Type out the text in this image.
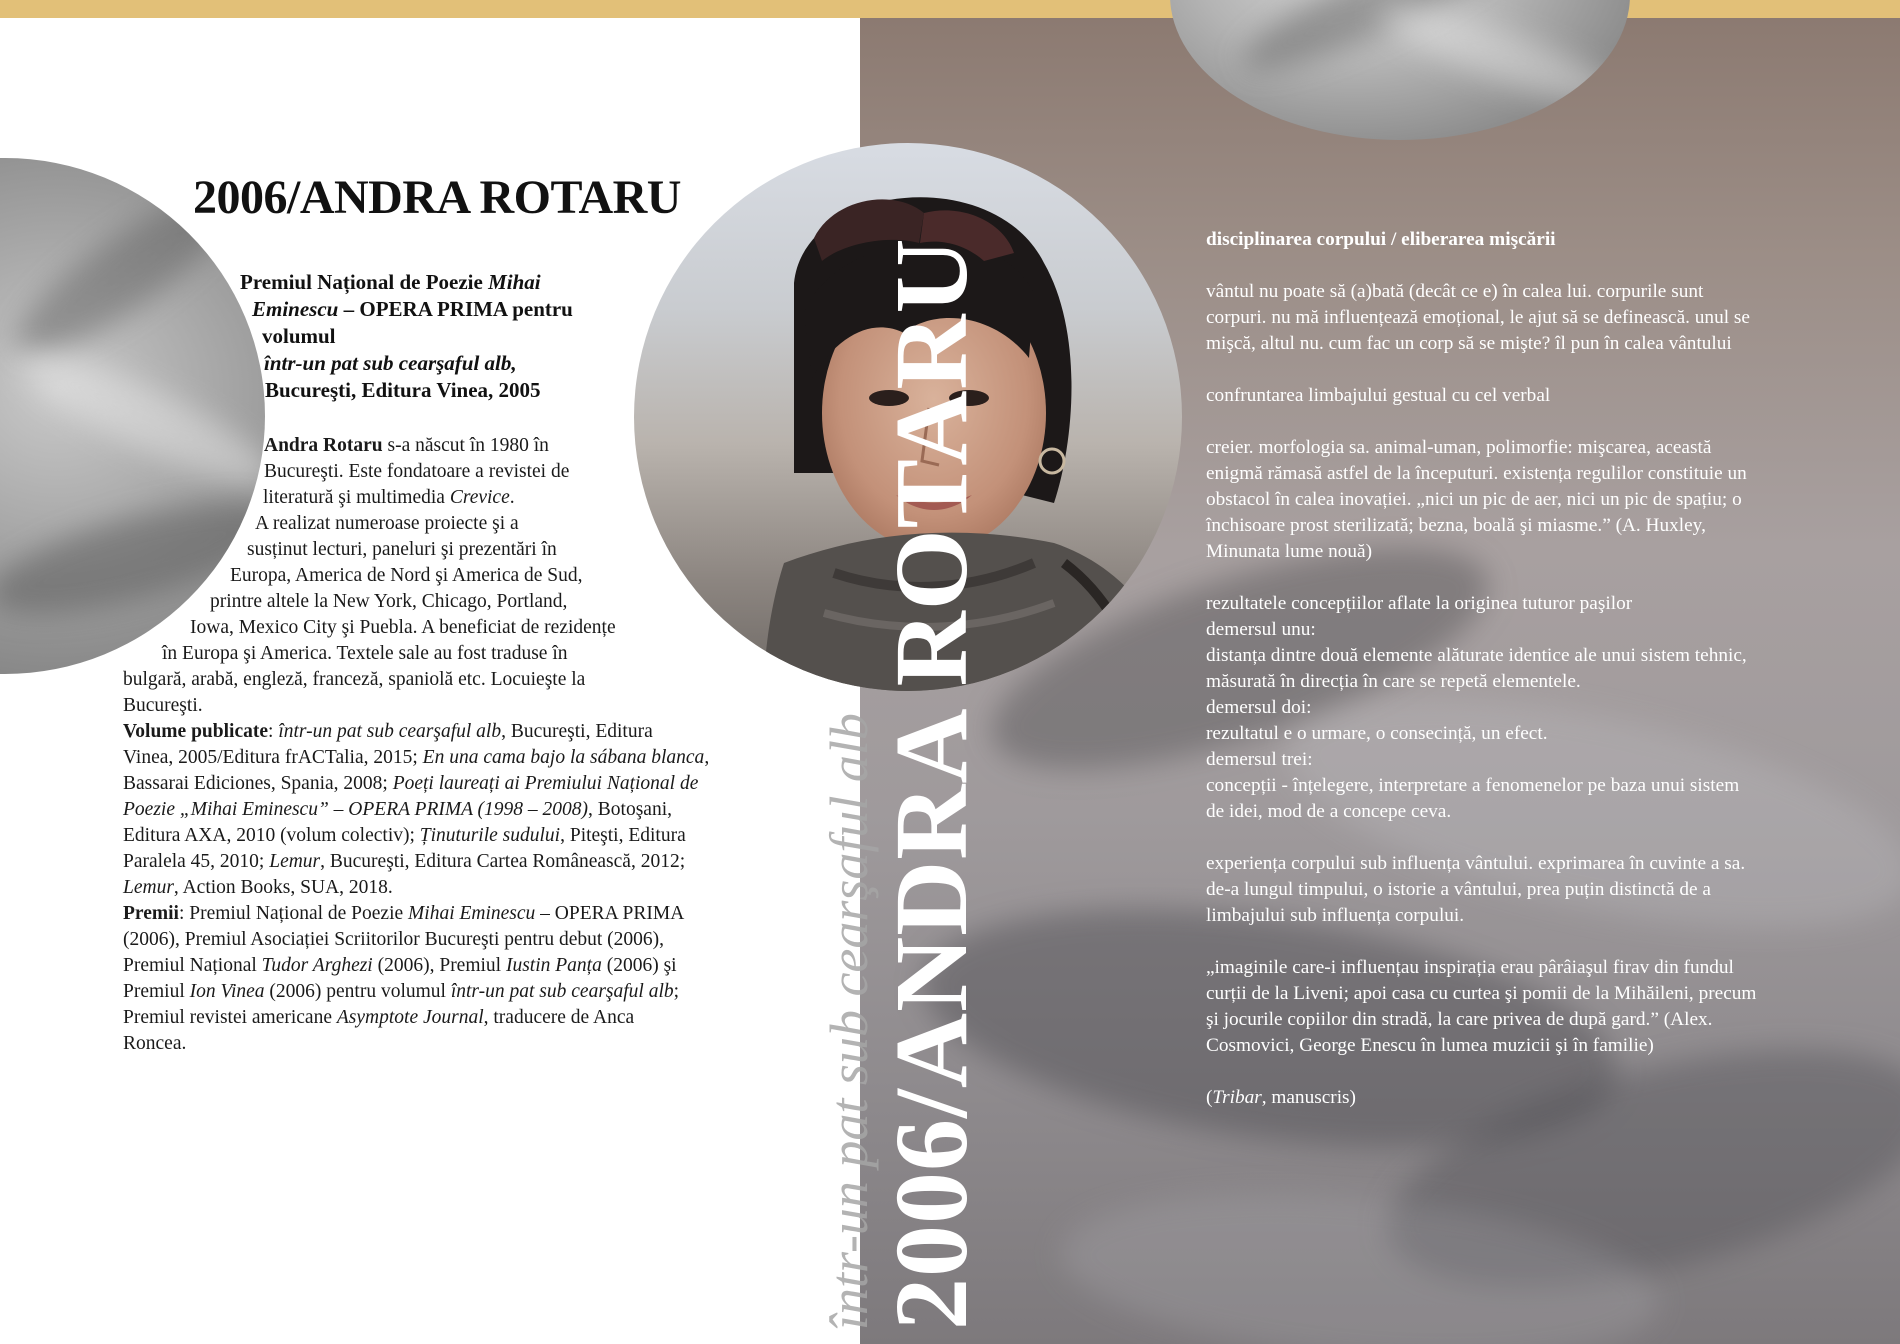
2006/ANDRA ROTARU
Premiul Național de Poezie Mihai
Eminescu – OPERA PRIMA pentru
volumul
într-un pat sub cearşaful alb,
Bucureşti, Editura Vinea, 2005
Andra Rotaru s-a născut în 1980 în
Bucureşti. Este fondatoare a revistei de
literatură şi multimedia Crevice.
A realizat numeroase proiecte şi a
susținut lecturi, paneluri şi prezentări în
Europa, America de Nord şi America de Sud,
printre altele la New York, Chicago, Portland,
Iowa, Mexico City şi Puebla. A beneficiat de rezidențe
în Europa şi America. Textele sale au fost traduse în
bulgară, arabă, engleză, franceză, spaniolă etc. Locuieşte la
Bucureşti.
Volume publicate: într-un pat sub cearşaful alb, Bucureşti, Editura
Vinea, 2005/Editura frACTalia, 2015; En una cama bajo la sábana blanca,
Bassarai Ediciones, Spania, 2008; Poeți laureați ai Premiului Național de
Poezie „Mihai Eminescu” – OPERA PRIMA (1998 – 2008), Botoşani,
Editura AXA, 2010 (volum colectiv); Ținuturile sudului, Piteşti, Editura
Paralela 45, 2010; Lemur, Bucureşti, Editura Cartea Românească, 2012;
Lemur, Action Books, SUA, 2018.
Premii: Premiul Național de Poezie Mihai Eminescu – OPERA PRIMA
(2006), Premiul Asociației Scriitorilor Bucureşti pentru debut (2006),
Premiul Național Tudor Arghezi (2006), Premiul Iustin Panța (2006) şi
Premiul Ion Vinea (2006) pentru volumul într-un pat sub cearşaful alb;
Premiul revistei americane Asymptote Journal, traducere de Anca
Roncea.	într-un pat sub cearşaful alb
2006/ANDRA ROTARU	disciplinarea corpului / eliberarea mişcării
vântul nu poate să (a)bată (decât ce e) în calea lui. corpurile sunt
corpuri. nu mă influențează emoțional, le ajut să se definească. unul se
mişcă, altul nu. cum fac un corp să se mişte? îl pun în calea vântului
confruntarea limbajului gestual cu cel verbal
creier. morfologia sa. animal-uman, polimorfie: mişcarea, această
enigmă rămasă astfel de la începuturi. existența regulilor constituie un
obstacol în calea inovației. „nici un pic de aer, nici un pic de spațiu; o
închisoare prost sterilizată; bezna, boală şi miasme.” (A. Huxley,
Minunata lume nouă)
rezultatele concepțiilor aflate la originea tuturor paşilor
demersul unu:
distanța dintre două elemente alăturate identice ale unui sistem tehnic,
măsurată în direcția în care se repetă elementele.
demersul doi:
rezultatul e o urmare, o consecință, un efect.
demersul trei:
concepții - înțelegere, interpretare a fenomenelor pe baza unui sistem
de idei, mod de a concepe ceva.
experiența corpului sub influența vântului. exprimarea în cuvinte a sa.
de-a lungul timpului, o istorie a vântului, prea puțin distinctă de a
limbajului sub influența corpului.
„imaginile care-i influențau inspirația erau pârâiaşul firav din fundul
curții de la Liveni; apoi casa cu curtea şi pomii de la Mihăileni, precum
şi jocurile copiilor din stradă, la care privea de după gard.” (Alex.
Cosmovici, George Enescu în lumea muzicii şi în familie)
(Tribar, manuscris)
